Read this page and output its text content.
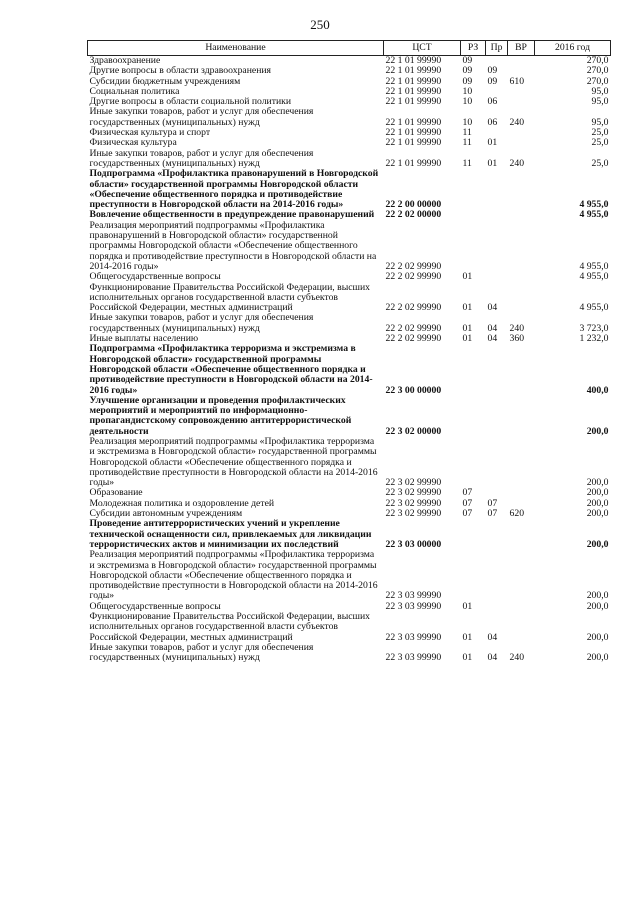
250
Наименование	ЦСТ	РЗ	Пр	ВР	2016 год
Здравоохранение	22 1 01 99990	09			270,0
Другие вопросы в области здравоохранения	22 1 01 99990	09	09		270,0
Субсидии бюджетным учреждениям	22 1 01 99990	09	09	610	270,0
Социальная политика	22 1 01 99990	10			95,0
Другие вопросы в области социальной политики	22 1 01 99990	10	06		95,0
Иные закупки товаров, работ и услуг для обеспечения государственных (муниципальных) нужд	22 1 01 99990	10	06	240	95,0
Физическая культура и спорт	22 1 01 99990	11			25,0
Физическая культура	22 1 01 99990	11	01		25,0
Иные закупки товаров, работ и услуг для обеспечения государственных (муниципальных) нужд	22 1 01 99990	11	01	240	25,0
Подпрограмма «Профилактика правонарушений в Новгородской области» государственной программы Новгородской области «Обеспечение общественного порядка и противодействие преступности в Новгородской области на 2014-2016 годы»	22 2 00 00000				4 955,0
Вовлечение общественности в предупреждение правонарушений	22 2 02 00000				4 955,0
Реализация мероприятий подпрограммы «Профилактика правонарушений в Новгородской области» государственной программы Новгородской области «Обеспечение общественного порядка и противодействие преступности в Новгородской области на 2014-2016 годы»	22 2 02 99990				4 955,0
Общегосударственные вопросы	22 2 02 99990	01			4 955,0
Функционирование Правительства Российской Федерации, высших исполнительных органов государственной власти субъектов Российской Федерации, местных администраций	22 2 02 99990	01	04		4 955,0
Иные закупки товаров, работ и услуг для обеспечения государственных (муниципальных) нужд	22 2 02 99990	01	04	240	3 723,0
Иные выплаты населению	22 2 02 99990	01	04	360	1 232,0
Подпрограмма «Профилактика терроризма и экстремизма в Новгородской области» государственной программы Новгородской области «Обеспечение общественного порядка и противодействие преступности в Новгородской области на 2014-2016 годы»	22 3 00 00000				400,0
Улучшение организации и проведения профилактических мероприятий и мероприятий по информационно-пропагандистскому сопровождению антитеррористической деятельности	22 3 02 00000				200,0
Реализация мероприятий подпрограммы «Профилактика терроризма и экстремизма в Новгородской области» государственной программы Новгородской области «Обеспечение общественного порядка и противодействие преступности в Новгородской области на 2014-2016 годы»	22 3 02 99990				200,0
Образование	22 3 02 99990	07			200,0
Молодежная политика и оздоровление детей	22 3 02 99990	07	07		200,0
Субсидии автономным учреждениям	22 3 02 99990	07	07	620	200,0
Проведение антитеррористических учений и укрепление технической оснащенности сил, привлекаемых для ликвидации террористических актов и минимизации их последствий	22 3 03 00000				200,0
Реализация мероприятий подпрограммы «Профилактика терроризма и экстремизма в Новгородской области» государственной программы Новгородской области «Обеспечение общественного порядка и противодействие преступности в Новгородской области на 2014-2016 годы»	22 3 03 99990				200,0
Общегосударственные вопросы	22 3 03 99990	01			200,0
Функционирование Правительства Российской Федерации, высших исполнительных органов государственной власти субъектов Российской Федерации, местных администраций	22 3 03 99990	01	04		200,0
Иные закупки товаров, работ и услуг для обеспечения государственных (муниципальных) нужд	22 3 03 99990	01	04	240	200,0
